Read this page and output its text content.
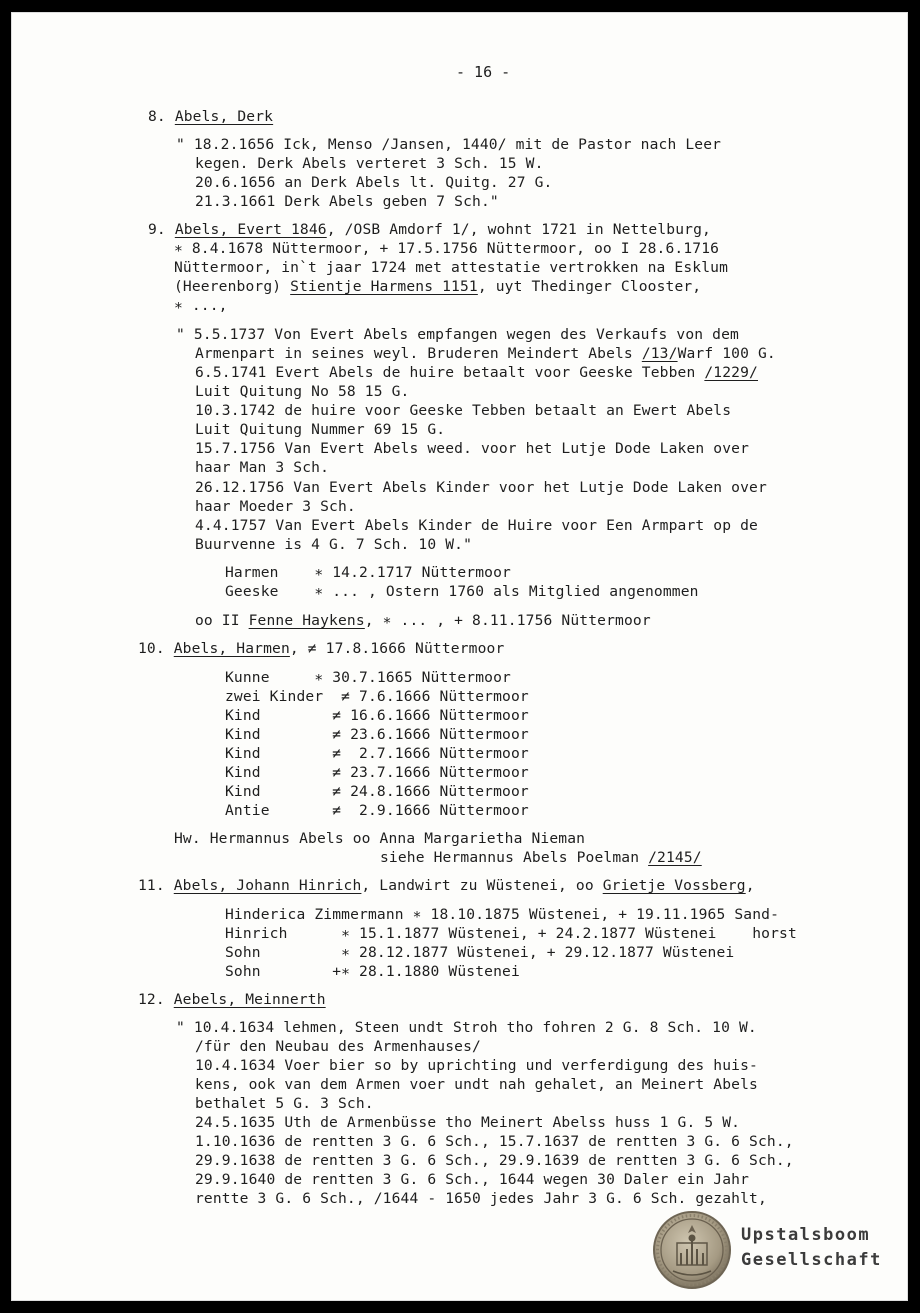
- 16 -
8. Abels, Derk
" 18.2.1656 Ick, Menso /Jansen, 1440/ mit de Pastor nach Leer
kegen. Derk Abels verteret 3 Sch. 15 W.
20.6.1656 an Derk Abels lt. Quitg. 27 G.
21.3.1661 Derk Abels geben 7 Sch."
9. Abels, Evert 1846, /OSB Amdorf 1/, wohnt 1721 in Nettelburg,
∗ 8.4.1678 Nüttermoor, + 17.5.1756 Nüttermoor, oo I 28.6.1716
Nüttermoor, in`t jaar 1724 met attestatie vertrokken na Esklum
(Heerenborg) Stientje Harmens 1151, uyt Thedinger Clooster,
∗ ...,
" 5.5.1737 Von Evert Abels empfangen wegen des Verkaufs von dem
Armenpart in seines weyl. Bruderen Meindert Abels /13/Warf 100 G.
6.5.1741 Evert Abels de huire betaalt voor Geeske Tebben /1229/
Luit Quitung No 58 15 G.
10.3.1742 de huire voor Geeske Tebben betaalt an Ewert Abels
Luit Quitung Nummer 69 15 G.
15.7.1756 Van Evert Abels weed. voor het Lutje Dode Laken over
haar Man 3 Sch.
26.12.1756 Van Evert Abels Kinder voor het Lutje Dode Laken over
haar Moeder 3 Sch.
4.4.1757 Van Evert Abels Kinder de Huire voor Een Armpart op de
Buurvenne is 4 G. 7 Sch. 10 W."
Harmen    ∗ 14.2.1717 Nüttermoor
Geeske    ∗ ... , Ostern 1760 als Mitglied angenommen
oo II Fenne Haykens, ∗ ... , + 8.11.1756 Nüttermoor
10. Abels, Harmen, ≠ 17.8.1666 Nüttermoor
Kunne     ∗ 30.7.1665 Nüttermoor
zwei Kinder  ≠ 7.6.1666 Nüttermoor
Kind        ≠ 16.6.1666 Nüttermoor
Kind        ≠ 23.6.1666 Nüttermoor
Kind        ≠  2.7.1666 Nüttermoor
Kind        ≠ 23.7.1666 Nüttermoor
Kind        ≠ 24.8.1666 Nüttermoor
Antie       ≠  2.9.1666 Nüttermoor
Hw. Hermannus Abels oo Anna Margarietha Nieman
siehe Hermannus Abels Poelman /2145/
11. Abels, Johann Hinrich, Landwirt zu Wüstenei, oo Grietje Vossberg,
Hinderica Zimmermann ∗ 18.10.1875 Wüstenei, + 19.11.1965 Sand-
Hinrich      ∗ 15.1.1877 Wüstenei, + 24.2.1877 Wüstenei    horst
Sohn         ∗ 28.12.1877 Wüstenei, + 29.12.1877 Wüstenei
Sohn        +∗ 28.1.1880 Wüstenei
12. Aebels, Meinnerth
" 10.4.1634 lehmen, Steen undt Stroh tho fohren 2 G. 8 Sch. 10 W.
/für den Neubau des Armenhauses/
10.4.1634 Voer bier so by uprichting und verferdigung des huis-
kens, ook van dem Armen voer undt nah gehalet, an Meinert Abels
bethalet 5 G. 3 Sch.
24.5.1635 Uth de Armenbüsse tho Meinert Abelss huss 1 G. 5 W.
1.10.1636 de rentten 3 G. 6 Sch., 15.7.1637 de rentten 3 G. 6 Sch.,
29.9.1638 de rentten 3 G. 6 Sch., 29.9.1639 de rentten 3 G. 6 Sch.,
29.9.1640 de rentten 3 G. 6 Sch., 1644 wegen 30 Daler ein Jahr
rentte 3 G. 6 Sch., /1644 - 1650 jedes Jahr 3 G. 6 Sch. gezahlt,
Upstalsboom
Gesellschaft
